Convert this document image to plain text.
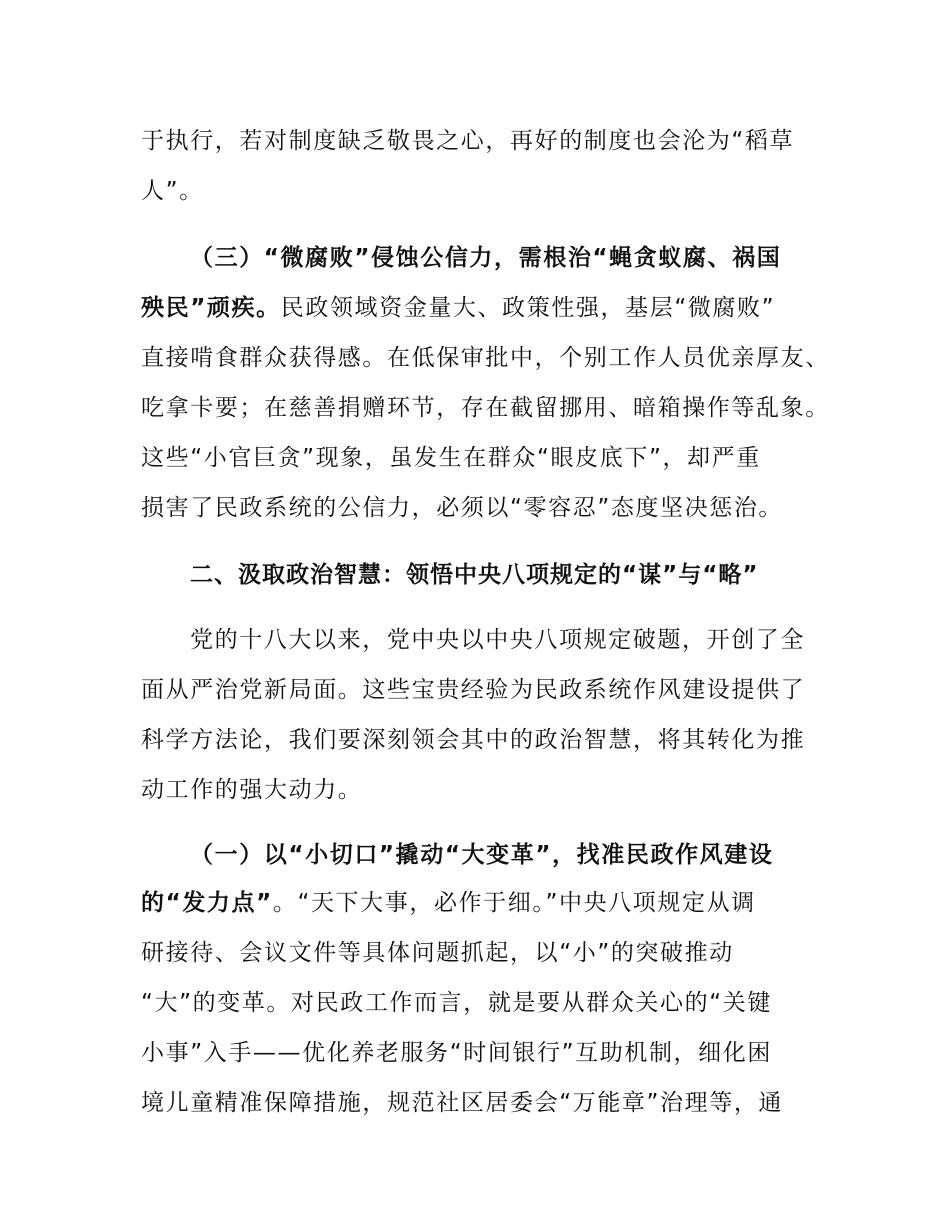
于执行，若对制度缺乏敬畏之心，再好的制度也会沦为“稻草
人”。
（三）“微腐败”侵蚀公信力，需根治“蝇贪蚁腐、祸国
殃民”顽疾。民政领域资金量大、政策性强，基层“微腐败”
直接啃食群众获得感。在低保审批中，个别工作人员优亲厚友、
吃拿卡要；在慈善捐赠环节，存在截留挪用、暗箱操作等乱象。
这些“小官巨贪”现象，虽发生在群众“眼皮底下”，却严重
损害了民政系统的公信力，必须以“零容忍”态度坚决惩治。
二、汲取政治智慧：领悟中央八项规定的“谋”与“略”
党的十八大以来，党中央以中央八项规定破题，开创了全
面从严治党新局面。这些宝贵经验为民政系统作风建设提供了
科学方法论，我们要深刻领会其中的政治智慧，将其转化为推
动工作的强大动力。
（一）以“小切口”撬动“大变革”，找准民政作风建设
的“发力点”。“天下大事，必作于细。”中央八项规定从调
研接待、会议文件等具体问题抓起，以“小”的突破推动
“大”的变革。对民政工作而言，就是要从群众关心的“关键
小事”入手——优化养老服务“时间银行”互助机制，细化困
境儿童精准保障措施，规范社区居委会“万能章”治理等，通
